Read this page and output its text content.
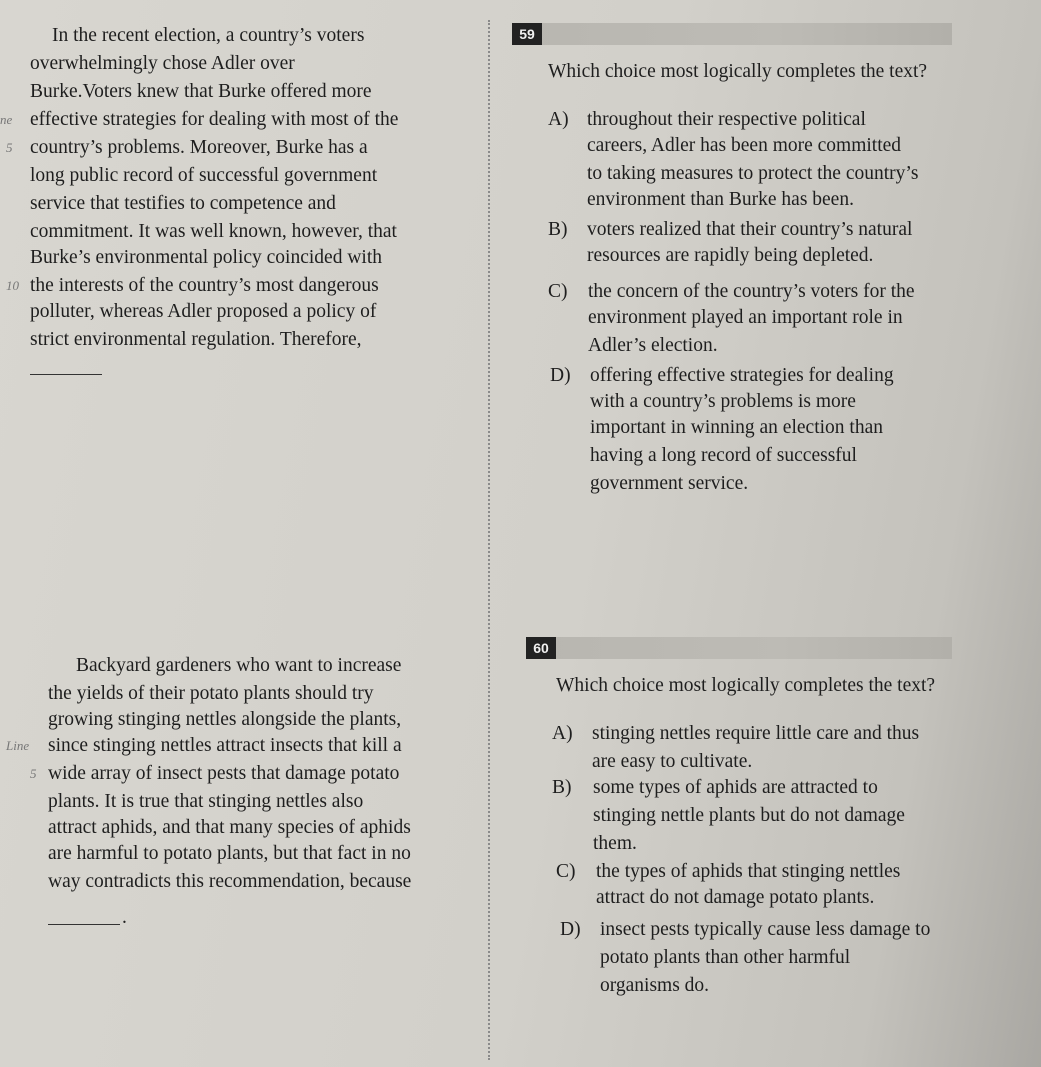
In the recent election, a country’s voters
overwhelmingly chose Adler over
Burke.Voters knew that Burke offered more
ne effective strategies for dealing with most of the
5 country’s problems. Moreover, Burke has a
long public record of successful government
service that testifies to competence and
commitment. It was well known, however, that
Burke’s environmental policy coincided with
10 the interests of the country’s most dangerous
polluter, whereas Adler proposed a policy of
strict environmental regulation. Therefore,
59
Which choice most logically completes the text?
A) throughout their respective political
careers, Adler has been more committed
to taking measures to protect the country’s
environment than Burke has been.
B) voters realized that their country’s natural
resources are rapidly being depleted.
C) the concern of the country’s voters for the
environment played an important role in
Adler’s election.
D) offering effective strategies for dealing
with a country’s problems is more
important in winning an election than
having a long record of successful
government service.
Backyard gardeners who want to increase
the yields of their potato plants should try
growing stinging nettles alongside the plants,
Line since stinging nettles attract insects that kill a
5 wide array of insect pests that damage potato
plants. It is true that stinging nettles also
attract aphids, and that many species of aphids
are harmful to potato plants, but that fact in no
way contradicts this recommendation, because
.
60
Which choice most logically completes the text?
A) stinging nettles require little care and thus
are easy to cultivate.
B) some types of aphids are attracted to
stinging nettle plants but do not damage
them.
C) the types of aphids that stinging nettles
attract do not damage potato plants.
D) insect pests typically cause less damage to
potato plants than other harmful
organisms do.
